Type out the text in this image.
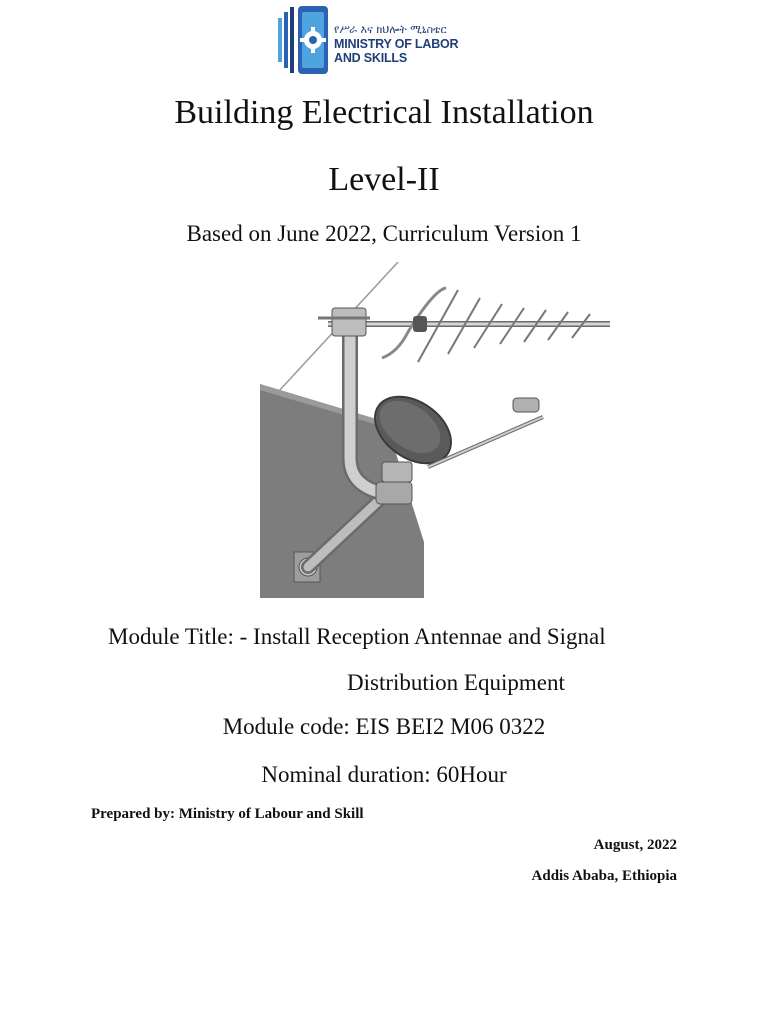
የሥራ እና ክህሎት ሚኒስቴር
MINISTRY OF LABOR
AND SKILLS
Building Electrical Installation
Level-II
Based on June 2022, Curriculum Version 1
Module Title: - Install Reception Antennae and Signal
Distribution Equipment
Module code: EIS BEI2 M06 0322
Nominal duration: 60Hour
Prepared by: Ministry of Labour and Skill
August, 2022
Addis Ababa, Ethiopia
